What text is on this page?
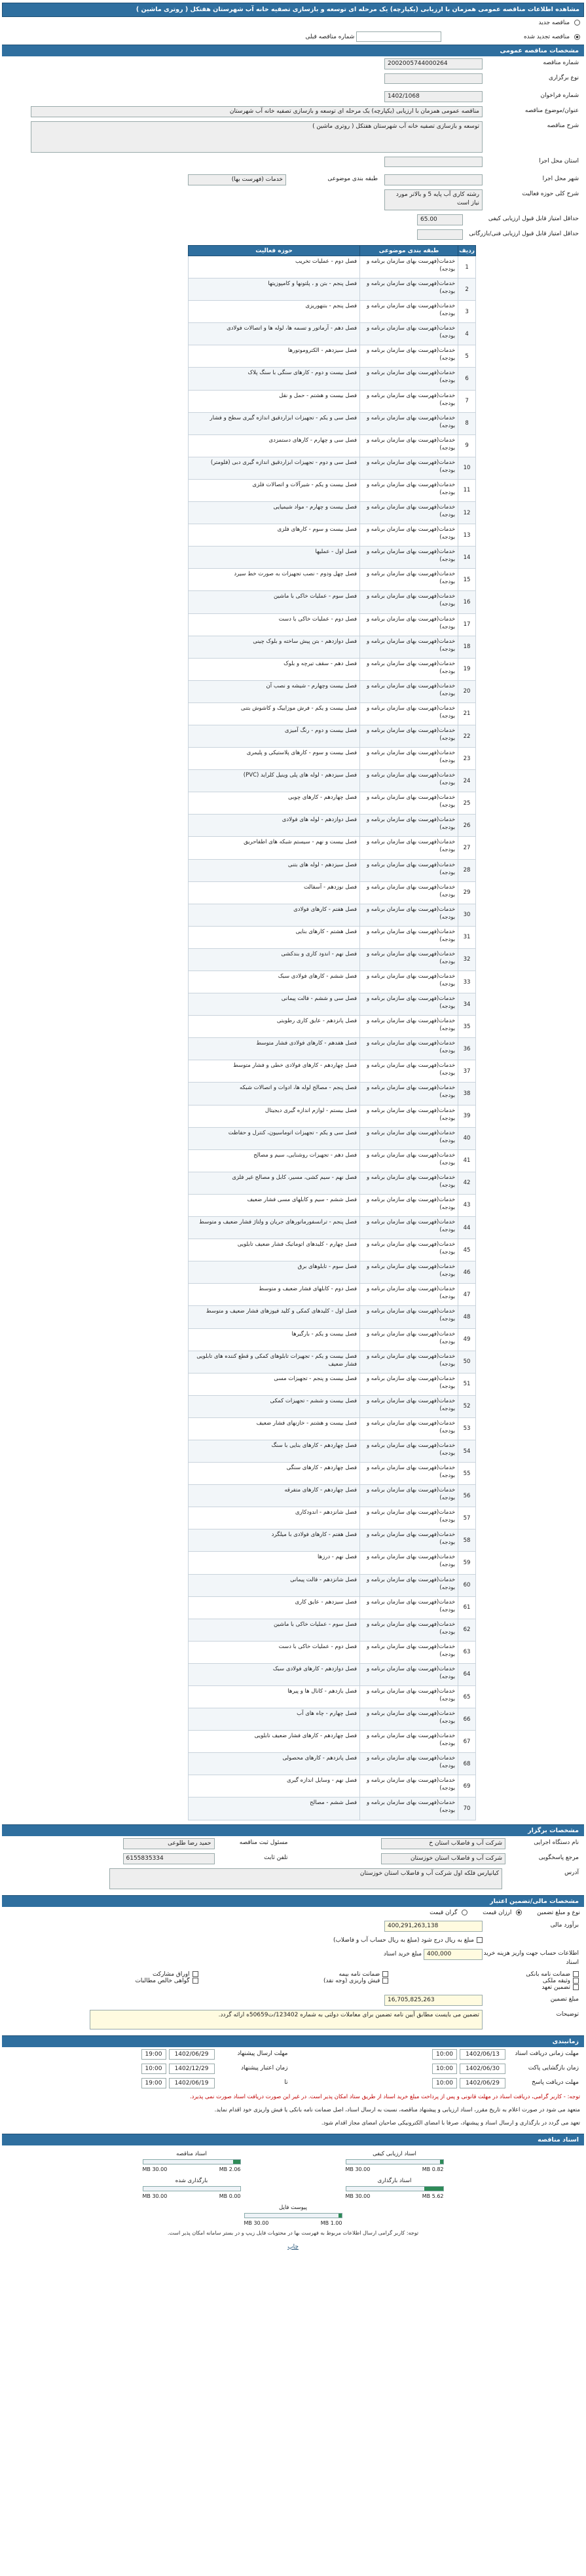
مشاهده اطلاعات مناقصه عمومی همزمان با ارزیابی (یکپارچه) یک مرحله ای توسعه و بازسازی تصفیه خانه آب شهرستان هفتکل ( روتری ماشین )
مناقصه جدید
مناقصه تجدید شده   شماره مناقصه قبلی
مشخصات مناقصه عمومی
شماره مناقصه
2002005744000264
نوع برگزاری
شماره فراخوان
1402/1068
عنوان/موضوع مناقصه
مناقصه عمومی همزمان با ارزیابی (یکپارچه) یک مرحله ای توسعه و بازسازی تصفیه خانه آب شهرستان
شرح مناقصه
توسعه و بازسازی تصفیه خانه آب شهرستان هفتکل ( روتری ماشین )
استان محل اجرا
شهر محل اجرا
طبقه بندی موضوعی
خدمات (فهرست بها)
شرح کلی حوزه فعالیت
رشته کاری آب پایه 5 و بالاتر مورد نیاز است
حداقل امتیاز قابل قبول ارزیابی کیفی
65.00
حداقل امتیاز قابل قبول ارزیابی فنی/بازرگانی
ردیف	طبقه بندی موضوعی	حوزه فعالیت
1	خدمات(فهرست بهای سازمان برنامه و بودجه)	فصل دوم - عملیات تخریب
2	خدمات(فهرست بهای سازمان برنامه و بودجه)	فصل پنجم - بتن و ، پلتونها و کامپوزیتها
3	خدمات(فهرست بهای سازمان برنامه و بودجه)	فصل پنجم - بتنهوریزی
4	خدمات(فهرست بهای سازمان برنامه و بودجه)	فصل دهم - آرماتور و تسمه ها، لوله ها و اتصالات فولادی
5	خدمات(فهرست بهای سازمان برنامه و بودجه)	فصل سیزدهم - الکتروموتورها
6	خدمات(فهرست بهای سازمان برنامه و بودجه)	فصل بیست و دوم - کارهای سنگی با سنگ پلاک
7	خدمات(فهرست بهای سازمان برنامه و بودجه)	فصل بیست و هشتم - حمل و نقل
8	خدمات(فهرست بهای سازمان برنامه و بودجه)	فصل سی و یکم - تجهیزات ابزاردقیق اندازه گیری سطح و فشار
9	خدمات(فهرست بهای سازمان برنامه و بودجه)	فصل سی و چهارم - کارهای دستمزدی
10	خدمات(فهرست بهای سازمان برنامه و بودجه)	فصل سی و دوم - تجهیزات ابزاردقیق اندازه گیری دبی (فلومتر)
11	خدمات(فهرست بهای سازمان برنامه و بودجه)	فصل بیست و یکم - شیرآلات و اتصالات فلزی
12	خدمات(فهرست بهای سازمان برنامه و بودجه)	فصل بیست و چهارم - مواد شیمیایی
13	خدمات(فهرست بهای سازمان برنامه و بودجه)	فصل بیست و سوم - کارهای فلزی
14	خدمات(فهرست بهای سازمان برنامه و بودجه)	فصل اول - عملیها
15	خدمات(فهرست بهای سازمان برنامه و بودجه)	فصل چهل ودوم - نصب تجهیزات به صورت خط سیرد
16	خدمات(فهرست بهای سازمان برنامه و بودجه)	فصل سوم - عملیات خاکی با ماشین
17	خدمات(فهرست بهای سازمان برنامه و بودجه)	فصل دوم - عملیات خاکی با دست
18	خدمات(فهرست بهای سازمان برنامه و بودجه)	فصل دوازدهم - بتن پیش ساخته و بلوک چینی
19	خدمات(فهرست بهای سازمان برنامه و بودجه)	فصل دهم - سقف تیرچه و بلوک
20	خدمات(فهرست بهای سازمان برنامه و بودجه)	فصل بیست وچهارم - شیشه و نصب آن
21	خدمات(فهرست بهای سازمان برنامه و بودجه)	فصل بیست و یکم - فرش موزاییک و کاشوش بتنی
22	خدمات(فهرست بهای سازمان برنامه و بودجه)	فصل بیست و دوم - رنگ آمیزی
23	خدمات(فهرست بهای سازمان برنامه و بودجه)	فصل بیست و سوم - کارهای پلاستیکی و پلیمری
24	خدمات(فهرست بهای سازمان برنامه و بودجه)	فصل سیزدهم - لوله های پلی وینیل کلراید (PVC)
25	خدمات(فهرست بهای سازمان برنامه و بودجه)	فصل چهاردهم - کارهای چوبی
26	خدمات(فهرست بهای سازمان برنامه و بودجه)	فصل دوازدهم - لوله های فولادی
27	خدمات(فهرست بهای سازمان برنامه و بودجه)	فصل بیست و نهم - سیستم شبکه های اطفاحریق
28	خدمات(فهرست بهای سازمان برنامه و بودجه)	فصل سیزدهم - لوله های بتنی
29	خدمات(فهرست بهای سازمان برنامه و بودجه)	فصل نوزدهم - آسفالت
30	خدمات(فهرست بهای سازمان برنامه و بودجه)	فصل هفتم - کارهای فولادی
31	خدمات(فهرست بهای سازمان برنامه و بودجه)	فصل هشتم - کارهای بنایی
32	خدمات(فهرست بهای سازمان برنامه و بودجه)	فصل نهم - اندود کاری و بندکشی
33	خدمات(فهرست بهای سازمان برنامه و بودجه)	فصل ششم - کارهای فولادی سبک
34	خدمات(فهرست بهای سازمان برنامه و بودجه)	فصل سی و ششم - فالت پیمانی
35	خدمات(فهرست بهای سازمان برنامه و بودجه)	فصل پانزدهم - عایق کاری رطوبتی
36	خدمات(فهرست بهای سازمان برنامه و بودجه)	فصل هفدهم - کارهای فولادی فشار متوسط
37	خدمات(فهرست بهای سازمان برنامه و بودجه)	فصل چهاردهم - کارهای فولادی خطی و فشار متوسط
38	خدمات(فهرست بهای سازمان برنامه و بودجه)	فصل پنجم - مصالح لوله ها، ادوات و اتصالات شبکه
39	خدمات(فهرست بهای سازمان برنامه و بودجه)	فصل بیستم - لوازم اندازه گیری دیجیتال
40	خدمات(فهرست بهای سازمان برنامه و بودجه)	فصل سی و یکم - تجهیزات اتوماسیون، کنترل و حفاظت
41	خدمات(فهرست بهای سازمان برنامه و بودجه)	فصل دهم - تجهیزات روشنایی، سیم و مصالح
42	خدمات(فهرست بهای سازمان برنامه و بودجه)	فصل نهم - سیم کشی، مسیر، کابل و مصالح غیر فلزی
43	خدمات(فهرست بهای سازمان برنامه و بودجه)	فصل ششم - سیم و کابلهای مسی فشار ضعیف
44	خدمات(فهرست بهای سازمان برنامه و بودجه)	فصل پنجم - ترانسفورماتورهای جریان و ولتاژ فشار ضعیف و متوسط
45	خدمات(فهرست بهای سازمان برنامه و بودجه)	فصل چهارم - کلیدهای اتوماتیک فشار ضعیف تابلویی
46	خدمات(فهرست بهای سازمان برنامه و بودجه)	فصل سوم - تابلوهای برق
47	خدمات(فهرست بهای سازمان برنامه و بودجه)	فصل دوم - کابلهای فشار ضعیف و متوسط
48	خدمات(فهرست بهای سازمان برنامه و بودجه)	فصل اول - کلیدهای کمکی و کلید فیوزهای فشار ضعیف و متوسط
49	خدمات(فهرست بهای سازمان برنامه و بودجه)	فصل بیست و یکم - بارگیرها
50	خدمات(فهرست بهای سازمان برنامه و بودجه)	فصل بیست و یکم - تجهیزات تابلوهای کمکی و قطع کننده های تابلویی فشار ضعیف
51	خدمات(فهرست بهای سازمان برنامه و بودجه)	فصل بیست و پنجم - تجهیزات مسی
52	خدمات(فهرست بهای سازمان برنامه و بودجه)	فصل بیست و ششم - تجهیزات کمکی
53	خدمات(فهرست بهای سازمان برنامه و بودجه)	فصل بیست و هشتم - خازنهای فشار ضعیف
54	خدمات(فهرست بهای سازمان برنامه و بودجه)	فصل چهاردهم - کارهای بنایی با سنگ
55	خدمات(فهرست بهای سازمان برنامه و بودجه)	فصل چهاردهم - کارهای سنگی
56	خدمات(فهرست بهای سازمان برنامه و بودجه)	فصل چهاردهم - کارهای متفرقه
57	خدمات(فهرست بهای سازمان برنامه و بودجه)	فصل شانزدهم - اندودکاری
58	خدمات(فهرست بهای سازمان برنامه و بودجه)	فصل هفتم - کارهای فولادی با میلگرد
59	خدمات(فهرست بهای سازمان برنامه و بودجه)	فصل نهم - درزها
60	خدمات(فهرست بهای سازمان برنامه و بودجه)	فصل شانزدهم - فالت پیمانی
61	خدمات(فهرست بهای سازمان برنامه و بودجه)	فصل سیزدهم - عایق کاری
62	خدمات(فهرست بهای سازمان برنامه و بودجه)	فصل سوم - عملیات خاکی با ماشین
63	خدمات(فهرست بهای سازمان برنامه و بودجه)	فصل دوم - عملیات خاکی با دست
64	خدمات(فهرست بهای سازمان برنامه و بودجه)	فصل دوازدهم - کارهای فولادی سبک
65	خدمات(فهرست بهای سازمان برنامه و بودجه)	فصل یازدهم - کانال ها و پیرها
66	خدمات(فهرست بهای سازمان برنامه و بودجه)	فصل چهارم - چاه های آب
67	خدمات(فهرست بهای سازمان برنامه و بودجه)	فصل چهاردهم - کارهای فشار ضعیف تابلویی
68	خدمات(فهرست بهای سازمان برنامه و بودجه)	فصل پانزدهم - کارهای محصولی
69	خدمات(فهرست بهای سازمان برنامه و بودجه)	فصل نهم - وسایل اندازه گیری
70	خدمات(فهرست بهای سازمان برنامه و بودجه)	فصل ششم - مصالح
مشخصات برگزار
نام دستگاه اجرایی
شرکت آب و فاضلاب استان خ
مسئول ثبت مناقصه
حمید رضا طلوعی
مرجع پاسخگویی
شرکت آب و فاضلاب استان خوزستان
تلفن ثابت
6155835334
آدرس
کیانپارس فلکه اول شرکت آب و فاضلاب استان خوزستان
مشخصات مالی/تضمین اعتبار
نوع و مبلغ تضمین  ارزان قیمت  گران قیمت
برآورد مالی
400,291,263,138
مبلغ به ریال درج شود (مبلغ به ریال حساب آب و فاضلاب)
اطلاعات حساب جهت واریز هزینه خرید اسناد
400,000 مبلغ خرید اسناد
ضمانت نامه بانکی
ضمانت نامه بیمه
اوراق مشارکت
وثیقه ملکی
فیش واریزی (وجه نقد)
گواهی خالص مطالبات
تضمین تعهد
مبلغ تضمین
16,705,825,263
توضیحات
تضمین می بایست مطابق آیین نامه تضمین برای معاملات دولتی به شماره 123402/ت50659ه ارائه گردد.
زمانبندی
مهلت زمانی دریافت اسناد
1402/06/13
10:00
مهلت ارسال پیشنهاد
1402/06/29
19:00
زمان بازگشایی پاکت
1402/06/30
10:00
زمان اعتبار پیشنهاد
1402/12/29
10:00
مهلت دریافت پاسخ
1402/06/29
10:00
تا
1402/06/19
19:00
توجه: - کاربر گرامی، دریافت اسناد در مهلت قانونی و پس از پرداخت مبلغ خرید اسناد از طریق ستاد امکان پذیر است. در غیر این صورت دریافت اسناد صورت نمی پذیرد.
متعهد می شود در صورت اعلام به تاریخ مقرر، اسناد ارزیابی و پیشنهاد مناقصه، نسبت به ارسال اسناد، اصل ضمانت نامه بانکی یا فیش واریزی خود اقدام نماید.
تعهد می گردد در بارگذاری و ارسال اسناد و پیشنهاد، صرفا با امضای الکترونیکی صاحبان امضای مجاز اقدام شود.
اسناد مناقصه
اسناد ارزیابی کیفی
0.82 MB
30.00 MB
اسناد مناقصه
2.06 MB
30.00 MB
اسناد بارگذاری
5.62 MB
30.00 MB
بارگذاری شده
0.00 MB
30.00 MB
پیوست فایل
1.00 MB
30.00 MB
توجه: کاربر گرامی ارسال اطلاعات مربوط به فهرست بها در محتویات فایل زیپ و در بستر سامانه امکان پذیر است.
چاپ
